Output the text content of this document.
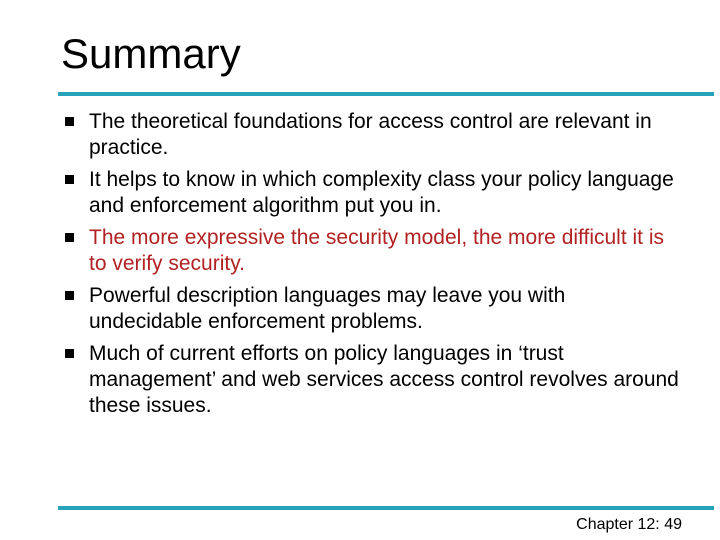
Summary
The theoretical foundations for access control are relevant in practice.
It helps to know in which complexity class your policy language and enforcement algorithm put you in.
The more expressive the security model, the more difficult it is to verify security.
Powerful description languages may leave you with undecidable enforcement problems.
Much of current efforts on policy languages in ‘trust management’ and web services access control revolves around these issues.
Chapter 12: 49
